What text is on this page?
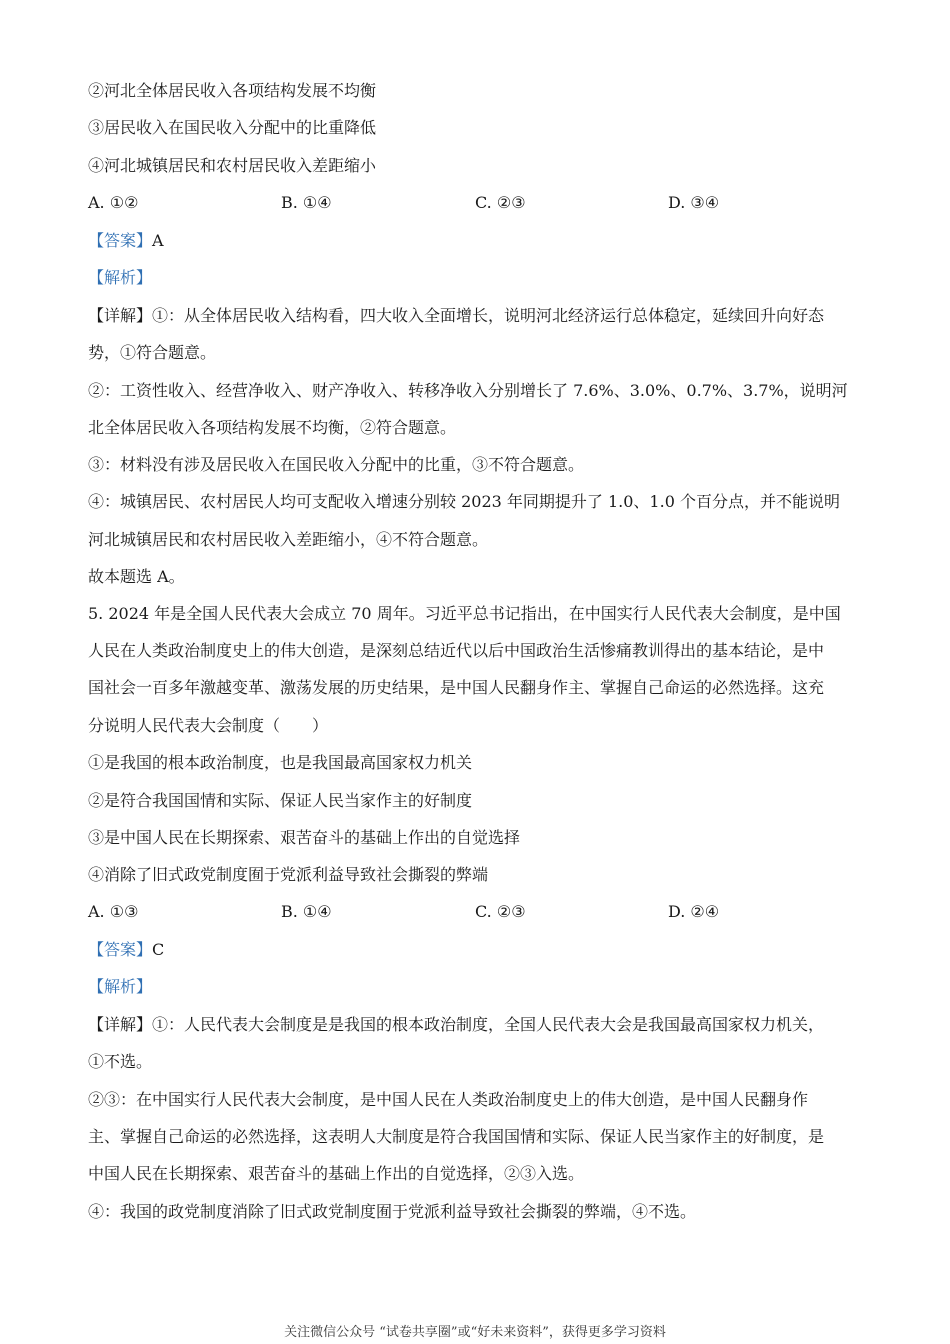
②河北全体居民收入各项结构发展不均衡
③居民收入在国民收入分配中的比重降低
④河北城镇居民和农村居民收入差距缩小
A. ①②	B. ①④	C. ②③	D. ③④
【答案】A
【解析】
【详解】①：从全体居民收入结构看，四大收入全面增长，说明河北经济运行总体稳定，延续回升向好态
势，①符合题意。
②：工资性收入、经营净收入、财产净收入、转移净收入分别增长了 7.6%、3.0%、0.7%、3.7%，说明河
北全体居民收入各项结构发展不均衡，②符合题意。
③：材料没有涉及居民收入在国民收入分配中的比重，③不符合题意。
④：城镇居民、农村居民人均可支配收入增速分别较 2023 年同期提升了 1.0、1.0 个百分点，并不能说明
河北城镇居民和农村居民收入差距缩小，④不符合题意。
故本题选 A。
5. 2024 年是全国人民代表大会成立 70 周年。习近平总书记指出，在中国实行人民代表大会制度，是中国
人民在人类政治制度史上的伟大创造，是深刻总结近代以后中国政治生活惨痛教训得出的基本结论，是中
国社会一百多年激越变革、激荡发展的历史结果，是中国人民翻身作主、掌握自己命运的必然选择。这充
分说明人民代表大会制度（　　）
①是我国的根本政治制度，也是我国最高国家权力机关
②是符合我国国情和实际、保证人民当家作主的好制度
③是中国人民在长期探索、艰苦奋斗的基础上作出的自觉选择
④消除了旧式政党制度囿于党派利益导致社会撕裂的弊端
A. ①③	B. ①④	C. ②③	D. ②④
【答案】C
【解析】
【详解】①：人民代表大会制度是是我国的根本政治制度，全国人民代表大会是我国最高国家权力机关，
①不选。
②③：在中国实行人民代表大会制度，是中国人民在人类政治制度史上的伟大创造，是中国人民翻身作
主、掌握自己命运的必然选择，这表明人大制度是符合我国国情和实际、保证人民当家作主的好制度，是
中国人民在长期探索、艰苦奋斗的基础上作出的自觉选择，②③入选。
④：我国的政党制度消除了旧式政党制度囿于党派利益导致社会撕裂的弊端，④不选。
关注微信公众号 “试卷共享圈”或“好未来资料”，获得更多学习资料
